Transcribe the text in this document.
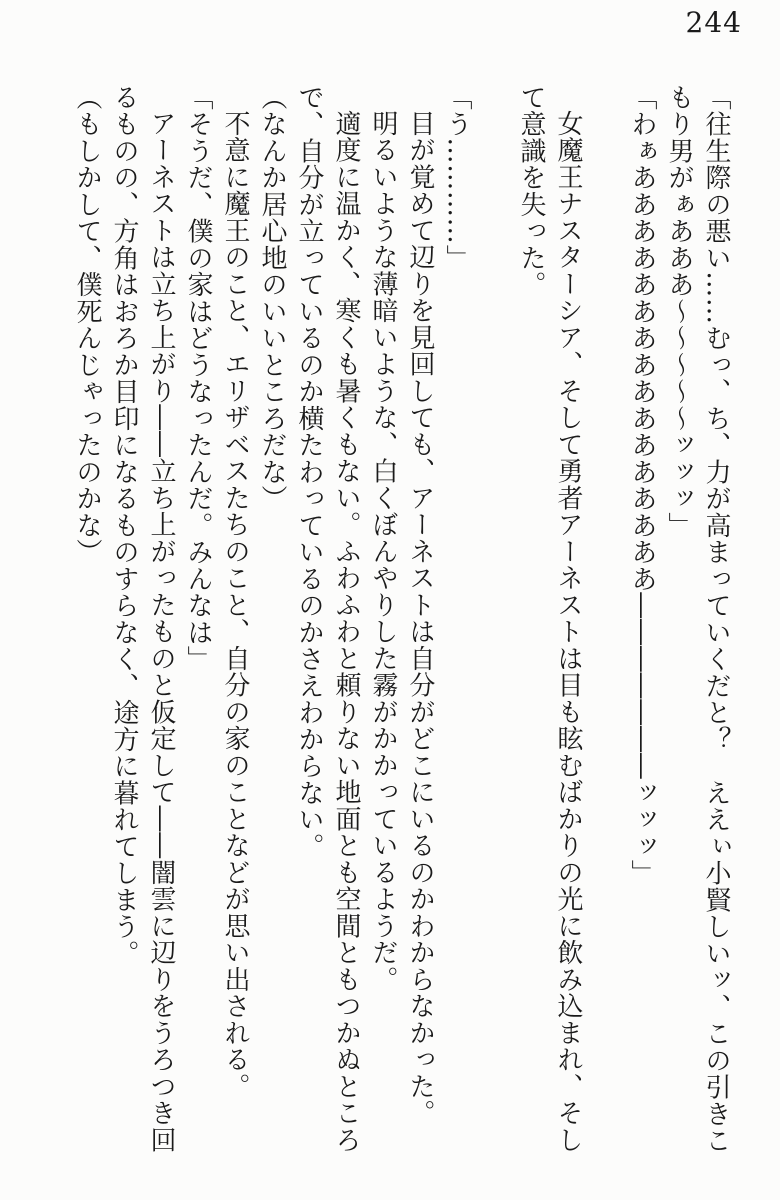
244

「往生際の悪い……むっ、ち、力が高まっていくだと？　ええぃ小賢しいッ、この引きこもり男がぁあああ〜〜〜〜〜ッッッ」

「わぁああああああああああああああああ―――――――ッッッ」

女魔王ナスターシア、そして勇者アーネストは目も眩むばかりの光に飲み込まれ、そして意識を失った。

「う…………」

目が覚めて辺りを見回しても、アーネストは自分がどこにいるのかわからなかった。

明るいような薄暗いような、白くぼんやりした霧がかかっているようだ。

適度に温かく、寒くも暑くもない。ふわふわと頼りない地面とも空間ともつかぬところで、自分が立っているのか横たわっているのかさえわからない。

（なんか居心地のいいところだな）

不意に魔王のこと、エリザベスたちのこと、自分の家のことなどが思い出される。

「そうだ、僕の家はどうなったんだ。みんなは」

アーネストは立ち上がり――立ち上がったものと仮定して――闇雲に辺りをうろつき回るものの、方角はおろか目印になるものすらなく、途方に暮れてしまう。

（もしかして、僕死んじゃったのかな）
